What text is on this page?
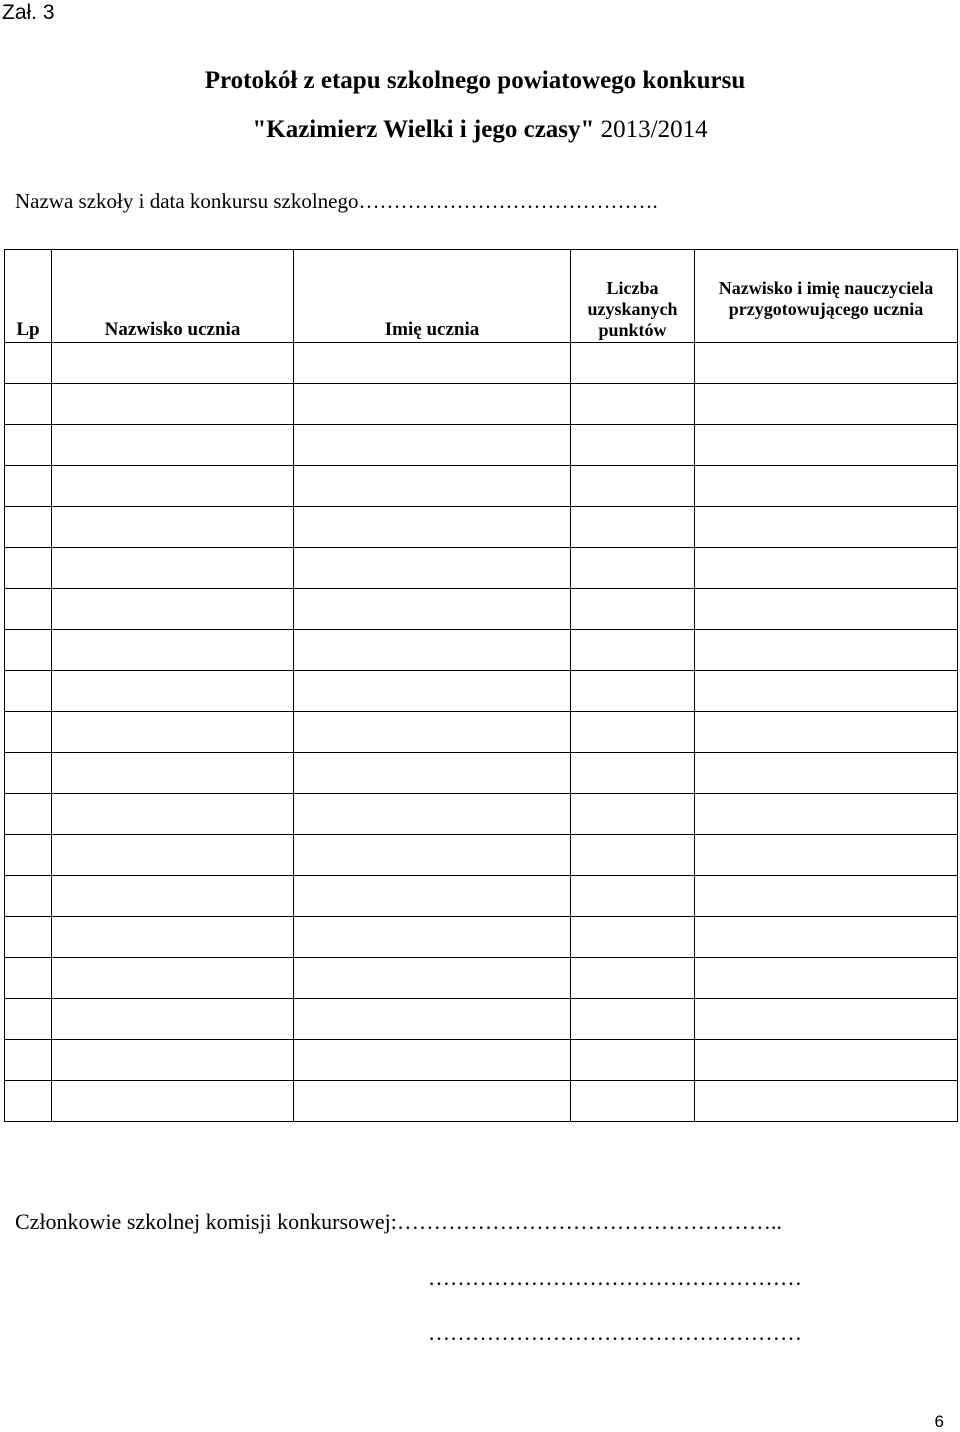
Zał. 3
Protokół z etapu szkolnego powiatowego konkursu
"Kazimierz Wielki i jego czasy" 2013/2014
Nazwa szkoły i data konkursu szkolnego…………………………………….
Lp	Nazwisko ucznia	Imię ucznia	Liczba uzyskanych punktów	Nazwisko i imię nauczyciela przygotowującego ucznia

Członkowie szkolnej komisji konkursowej:……………………………………………..
……………………………………………
……………………………………………
6
